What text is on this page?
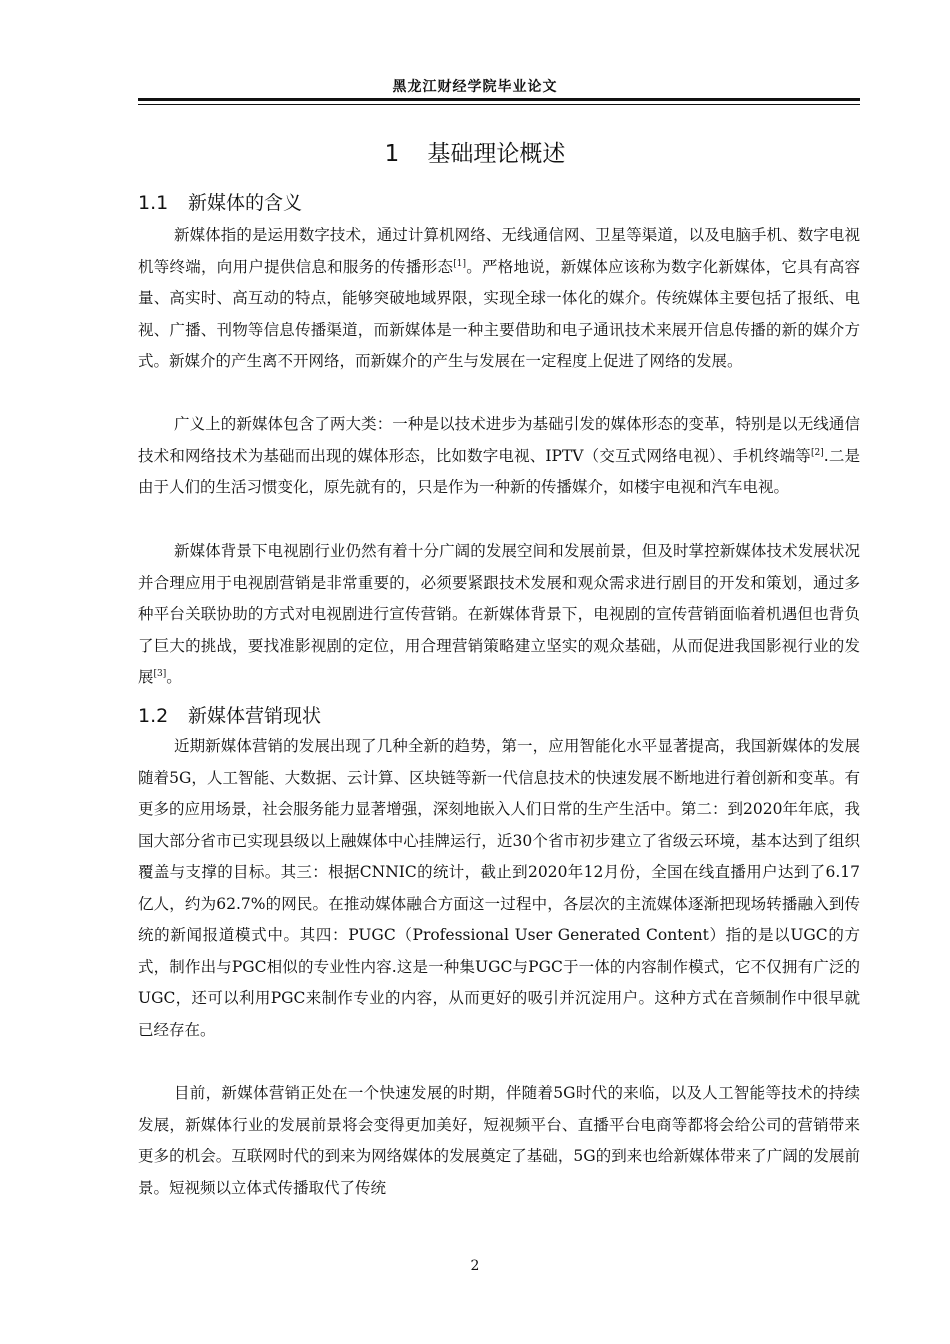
黑龙江财经学院毕业论文
1 基础理论概述
1.1 新媒体的含义

新媒体指的是运用数字技术，通过计算机网络、无线通信网、卫星等渠道，以及电脑手机、数字电视机等终端，向用户提供信息和服务的传播形态[1]。严格地说，新媒体应该称为数字化新媒体，它具有高容量、高实时、高互动的特点，能够突破地域界限，实现全球一体化的媒介。传统媒体主要包括了报纸、电视、广播、刊物等信息传播渠道，而新媒体是一种主要借助和电子通讯技术来展开信息传播的新的媒介方式。新媒介的产生离不开网络，而新媒介的产生与发展在一定程度上促进了网络的发展。

广义上的新媒体包含了两大类：一种是以技术进步为基础引发的媒体形态的变革，特别是以无线通信技术和网络技术为基础而出现的媒体形态，比如数字电视、IPTV（交互式网络电视）、手机终端等[2].二是由于人们的生活习惯变化，原先就有的，只是作为一种新的传播媒介，如楼宇电视和汽车电视。

新媒体背景下电视剧行业仍然有着十分广阔的发展空间和发展前景，但及时掌控新媒体技术发展状况并合理应用于电视剧营销是非常重要的，必须要紧跟技术发展和观众需求进行剧目的开发和策划，通过多种平台关联协助的方式对电视剧进行宣传营销。在新媒体背景下，电视剧的宣传营销面临着机遇但也背负了巨大的挑战，要找准影视剧的定位，用合理营销策略建立坚实的观众基础，从而促进我国影视行业的发展[3]。

1.2 新媒体营销现状

近期新媒体营销的发展出现了几种全新的趋势，第一，应用智能化水平显著提高，我国新媒体的发展随着5G，人工智能、大数据、云计算、区块链等新一代信息技术的快速发展不断地进行着创新和变革。有更多的应用场景，社会服务能力显著增强，深刻地嵌入人们日常的生产生活中。第二：到2020年年底，我国大部分省市已实现县级以上融媒体中心挂牌运行，近30个省市初步建立了省级云环境，基本达到了组织覆盖与支撑的目标。其三：根据CNNIC的统计，截止到2020年12月份，全国在线直播用户达到了6.17亿人，约为62.7%的网民。在推动媒体融合方面这一过程中，各层次的主流媒体逐渐把现场转播融入到传统的新闻报道模式中。其四：PUGC（Professional User Generated Content）指的是以UGC的方式，制作出与PGC相似的专业性内容.这是一种集UGC与PGC于一体的内容制作模式，它不仅拥有广泛的UGC，还可以利用PGC来制作专业的内容，从而更好的吸引并沉淀用户。这种方式在音频制作中很早就已经存在。

目前，新媒体营销正处在一个快速发展的时期，伴随着5G时代的来临，以及人工智能等技术的持续发展，新媒体行业的发展前景将会变得更加美好，短视频平台、直播平台电商等都将会给公司的营销带来更多的机会。互联网时代的到来为网络媒体的发展奠定了基础，5G的到来也给新媒体带来了广阔的发展前景。短视频以立体式传播取代了传统

2
